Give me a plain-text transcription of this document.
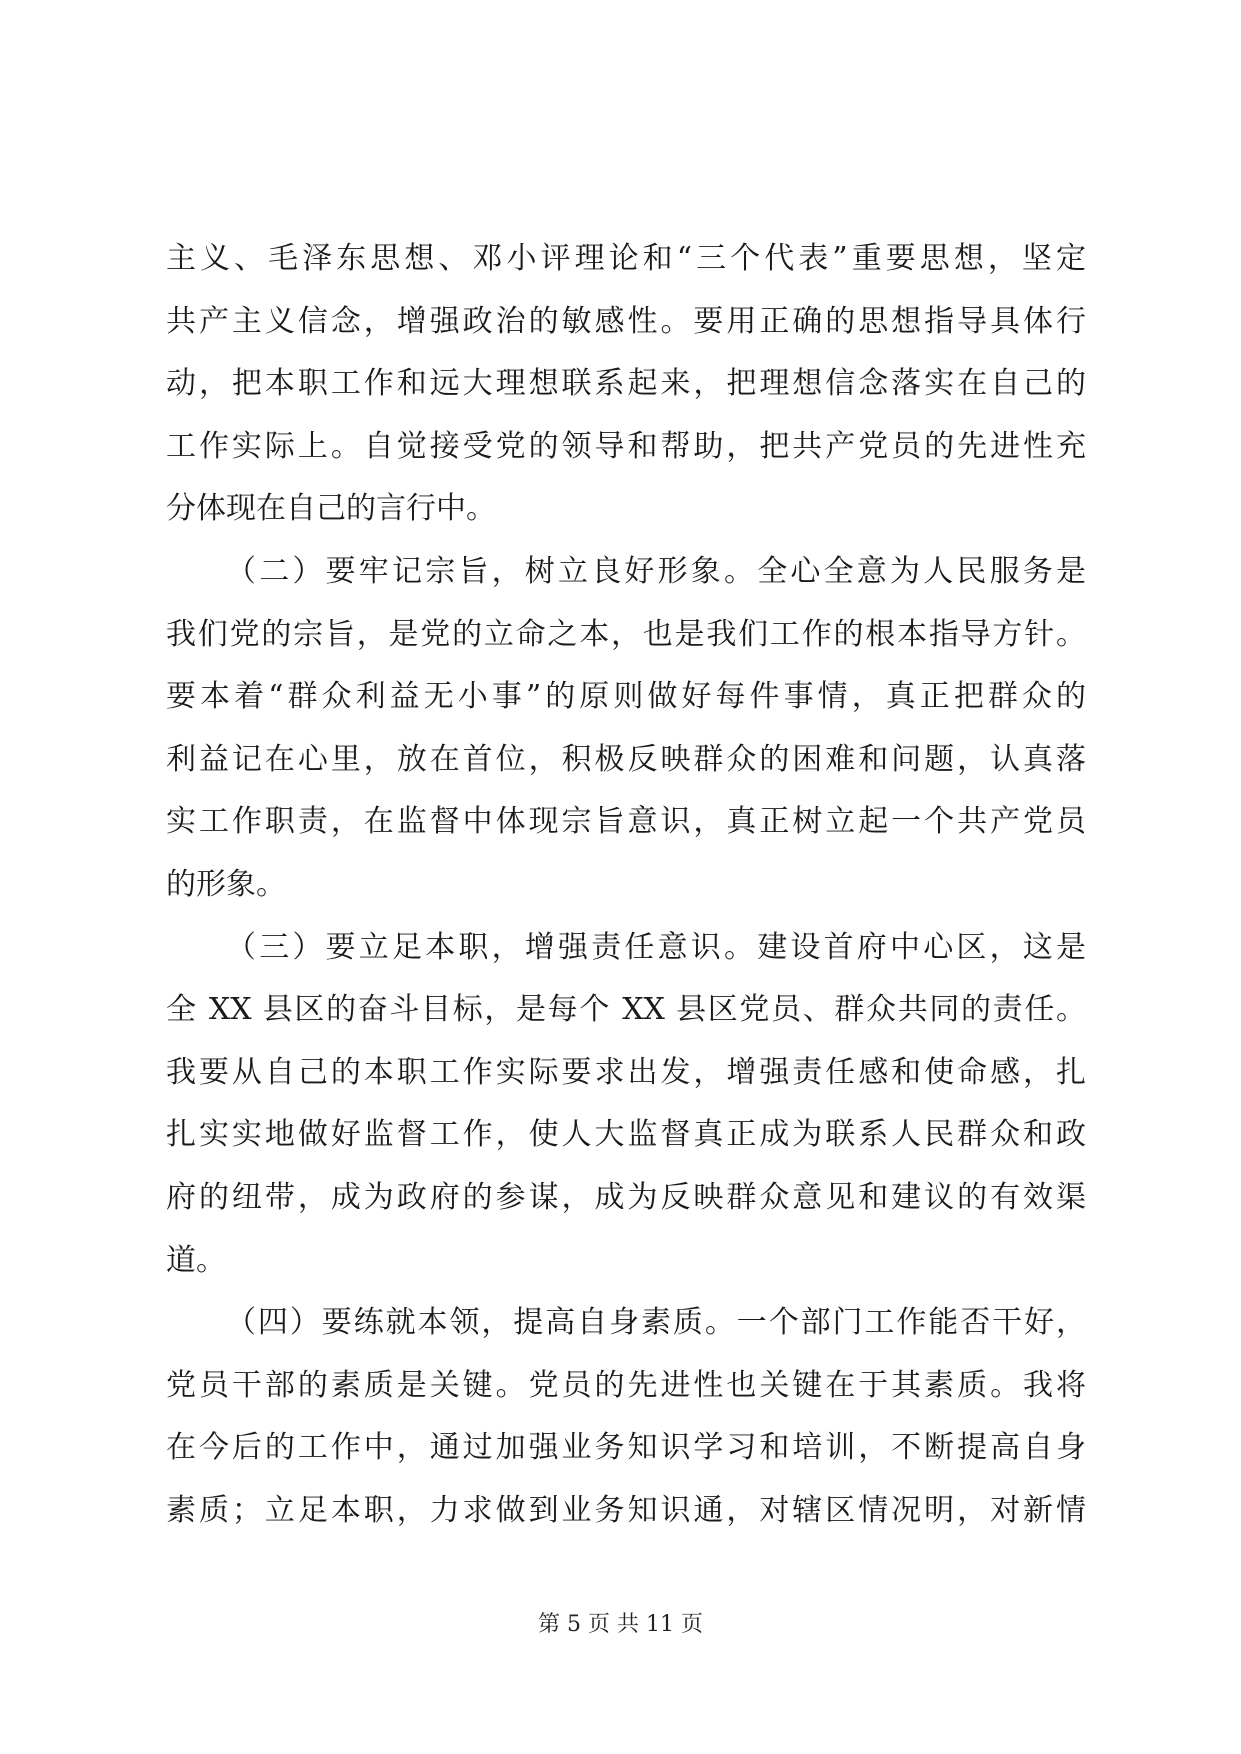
主义、毛泽东思想、邓小评理论和“三个代表”重要思想，坚定
共产主义信念，增强政治的敏感性。要用正确的思想指导具体行
动，把本职工作和远大理想联系起来，把理想信念落实在自己的
工作实际上。自觉接受党的领导和帮助，把共产党员的先进性充
分体现在自己的言行中。
（二）要牢记宗旨，树立良好形象。全心全意为人民服务是
我们党的宗旨，是党的立命之本，也是我们工作的根本指导方针。
要本着“群众利益无小事”的原则做好每件事情，真正把群众的
利益记在心里，放在首位，积极反映群众的困难和问题，认真落
实工作职责，在监督中体现宗旨意识，真正树立起一个共产党员
的形象。
（三）要立足本职，增强责任意识。建设首府中心区，这是
全 XX 县区的奋斗目标，是每个 XX 县区党员、群众共同的责任。
我要从自己的本职工作实际要求出发，增强责任感和使命感，扎
扎实实地做好监督工作，使人大监督真正成为联系人民群众和政
府的纽带，成为政府的参谋，成为反映群众意见和建议的有效渠
道。
（四）要练就本领，提高自身素质。一个部门工作能否干好，
党员干部的素质是关键。党员的先进性也关键在于其素质。我将
在今后的工作中，通过加强业务知识学习和培训，不断提高自身
素质；立足本职，力求做到业务知识通，对辖区情况明，对新情
第 5 页 共 11 页
